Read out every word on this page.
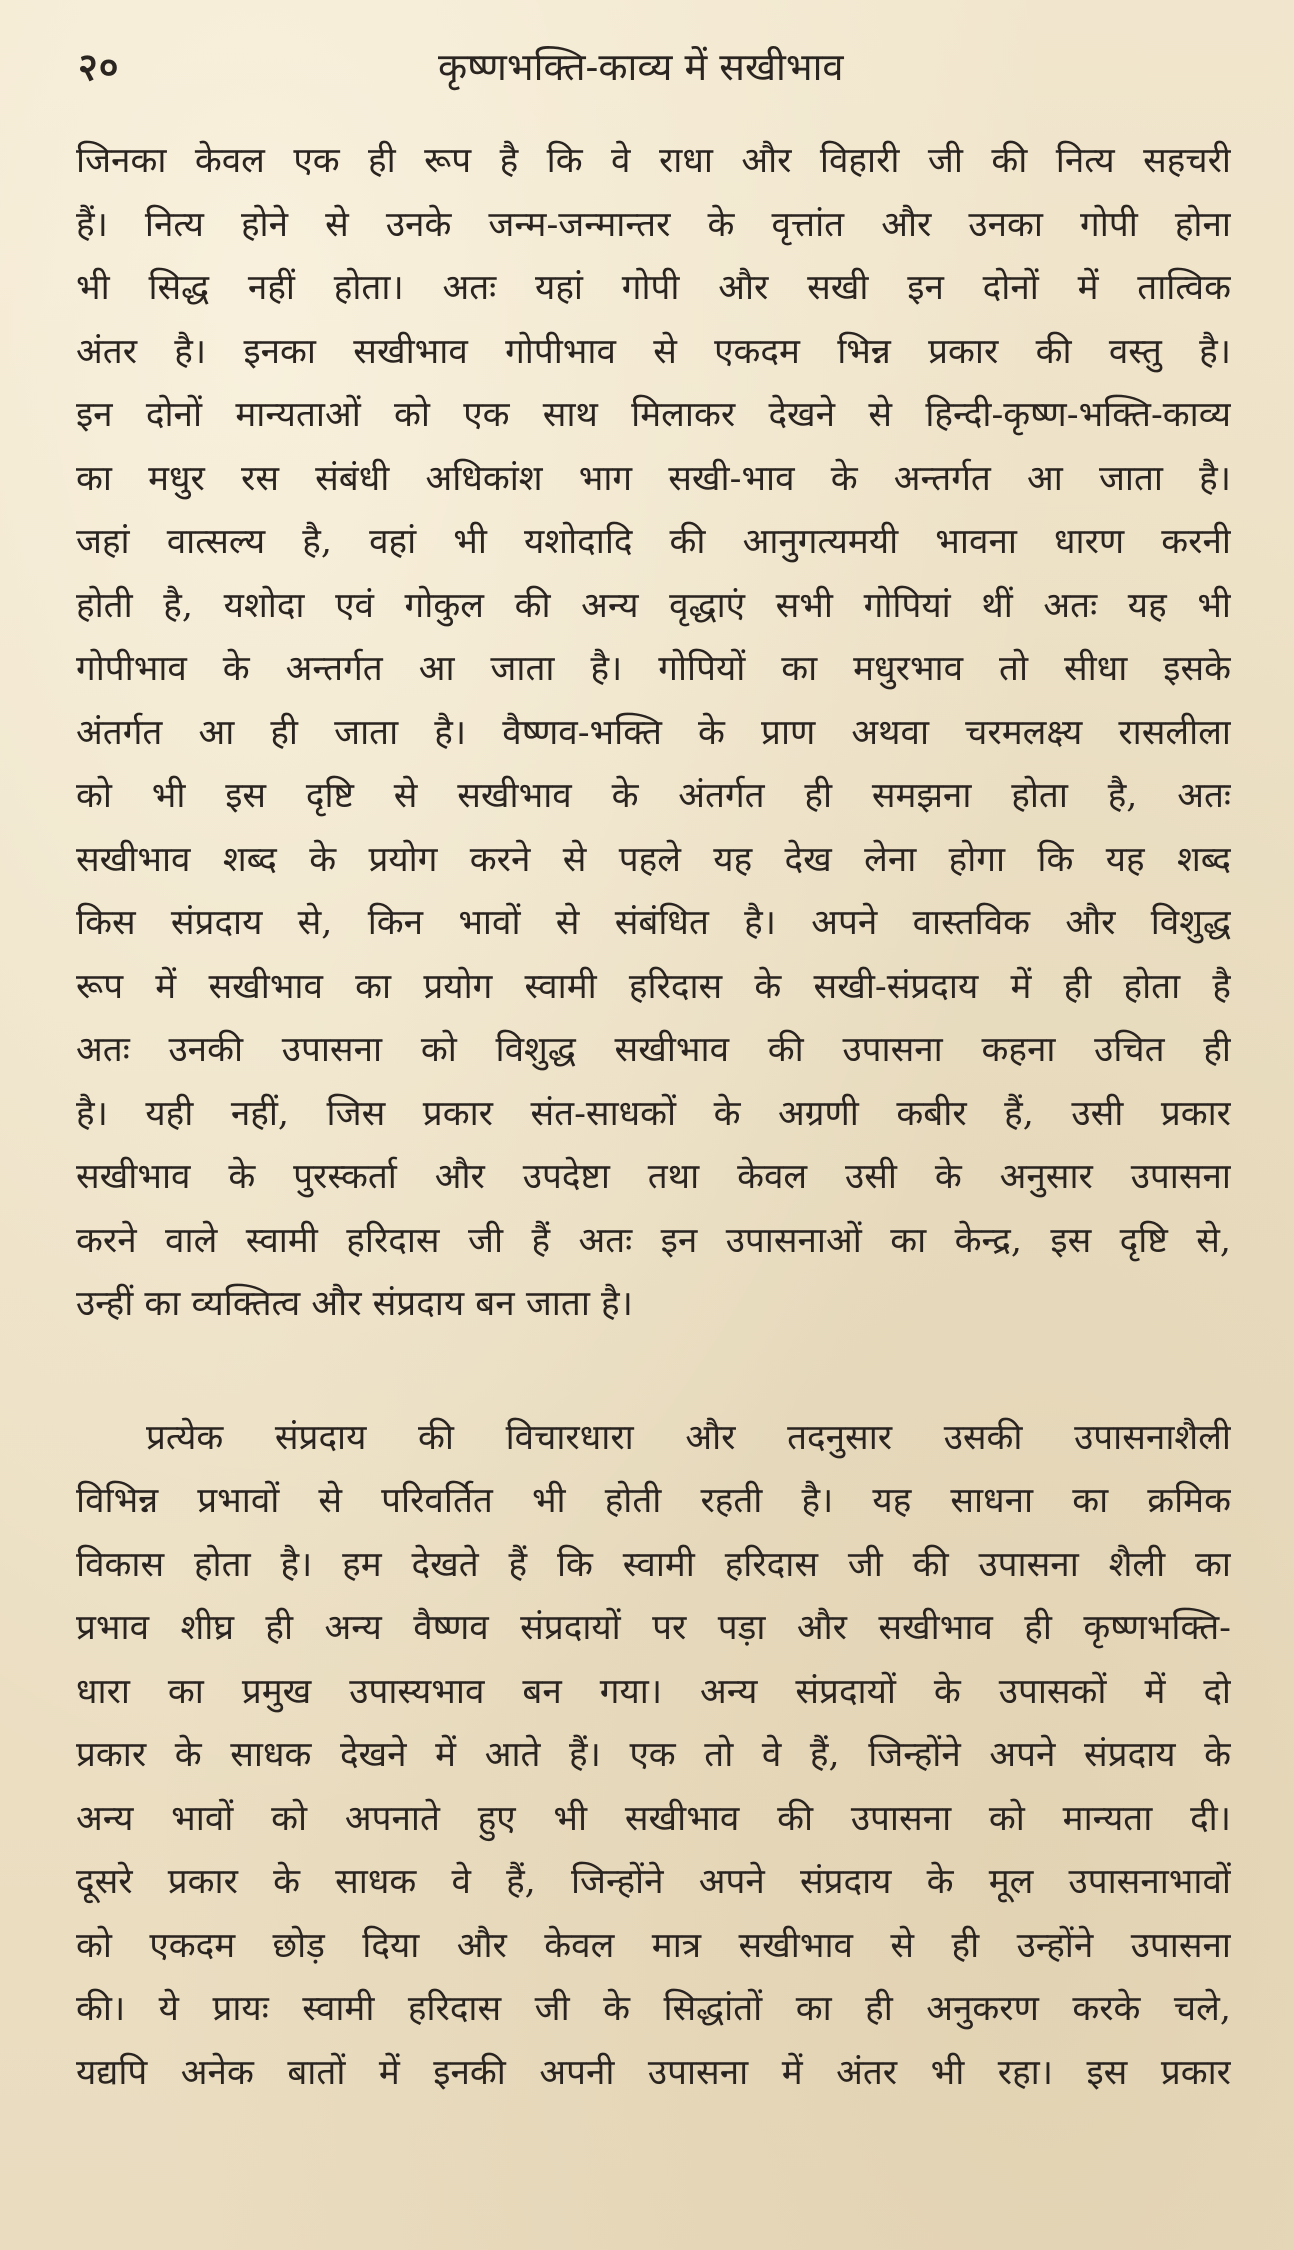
२०	कृष्णभक्ति-काव्य में सखीभाव
जिनका केवल एक ही रूप है कि वे राधा और विहारी जी की नित्य सहचरी
हैं। नित्य होने से उनके जन्म-जन्मान्तर के वृत्तांत और उनका गोपी होना
भी सिद्ध नहीं होता। अतः यहां गोपी और सखी इन दोनों में तात्विक
अंतर है। इनका सखीभाव गोपीभाव से एकदम भिन्न प्रकार की वस्तु है।
इन दोनों मान्यताओं को एक साथ मिलाकर देखने से हिन्दी-कृष्ण-भक्ति-काव्य
का मधुर रस संबंधी अधिकांश भाग सखी-भाव के अन्तर्गत आ जाता है।
जहां वात्सल्य है, वहां भी यशोदादि की आनुगत्यमयी भावना धारण करनी
होती है, यशोदा एवं गोकुल की अन्य वृद्धाएं सभी गोपियां थीं अतः यह भी
गोपीभाव के अन्तर्गत आ जाता है। गोपियों का मधुरभाव तो सीधा इसके
अंतर्गत आ ही जाता है। वैष्णव-भक्ति के प्राण अथवा चरमलक्ष्य रासलीला
को भी इस दृष्टि से सखीभाव के अंतर्गत ही समझना होता है, अतः
सखीभाव शब्द के प्रयोग करने से पहले यह देख लेना होगा कि यह शब्द
किस संप्रदाय से, किन भावों से संबंधित है। अपने वास्तविक और विशुद्ध
रूप में सखीभाव का प्रयोग स्वामी हरिदास के सखी-संप्रदाय में ही होता है
अतः उनकी उपासना को विशुद्ध सखीभाव की उपासना कहना उचित ही
है। यही नहीं, जिस प्रकार संत-साधकों के अग्रणी कबीर हैं, उसी प्रकार
सखीभाव के पुरस्कर्ता और उपदेष्टा तथा केवल उसी के अनुसार उपासना
करने वाले स्वामी हरिदास जी हैं अतः इन उपासनाओं का केन्द्र, इस दृष्टि से,
उन्हीं का व्यक्तित्व और संप्रदाय बन जाता है।
प्रत्येक संप्रदाय की विचारधारा और तदनुसार उसकी उपासनाशैली
विभिन्न प्रभावों से परिवर्तित भी होती रहती है। यह साधना का क्रमिक
विकास होता है। हम देखते हैं कि स्वामी हरिदास जी की उपासना शैली का
प्रभाव शीघ्र ही अन्य वैष्णव संप्रदायों पर पड़ा और सखीभाव ही कृष्णभक्ति-
धारा का प्रमुख उपास्यभाव बन गया। अन्य संप्रदायों के उपासकों में दो
प्रकार के साधक देखने में आते हैं। एक तो वे हैं, जिन्होंने अपने संप्रदाय के
अन्य भावों को अपनाते हुए भी सखीभाव की उपासना को मान्यता दी।
दूसरे प्रकार के साधक वे हैं, जिन्होंने अपने संप्रदाय के मूल उपासनाभावों
को एकदम छोड़ दिया और केवल मात्र सखीभाव से ही उन्होंने उपासना
की। ये प्रायः स्वामी हरिदास जी के सिद्धांतों का ही अनुकरण करके चले,
यद्यपि अनेक बातों में इनकी अपनी उपासना में अंतर भी रहा। इस प्रकार
